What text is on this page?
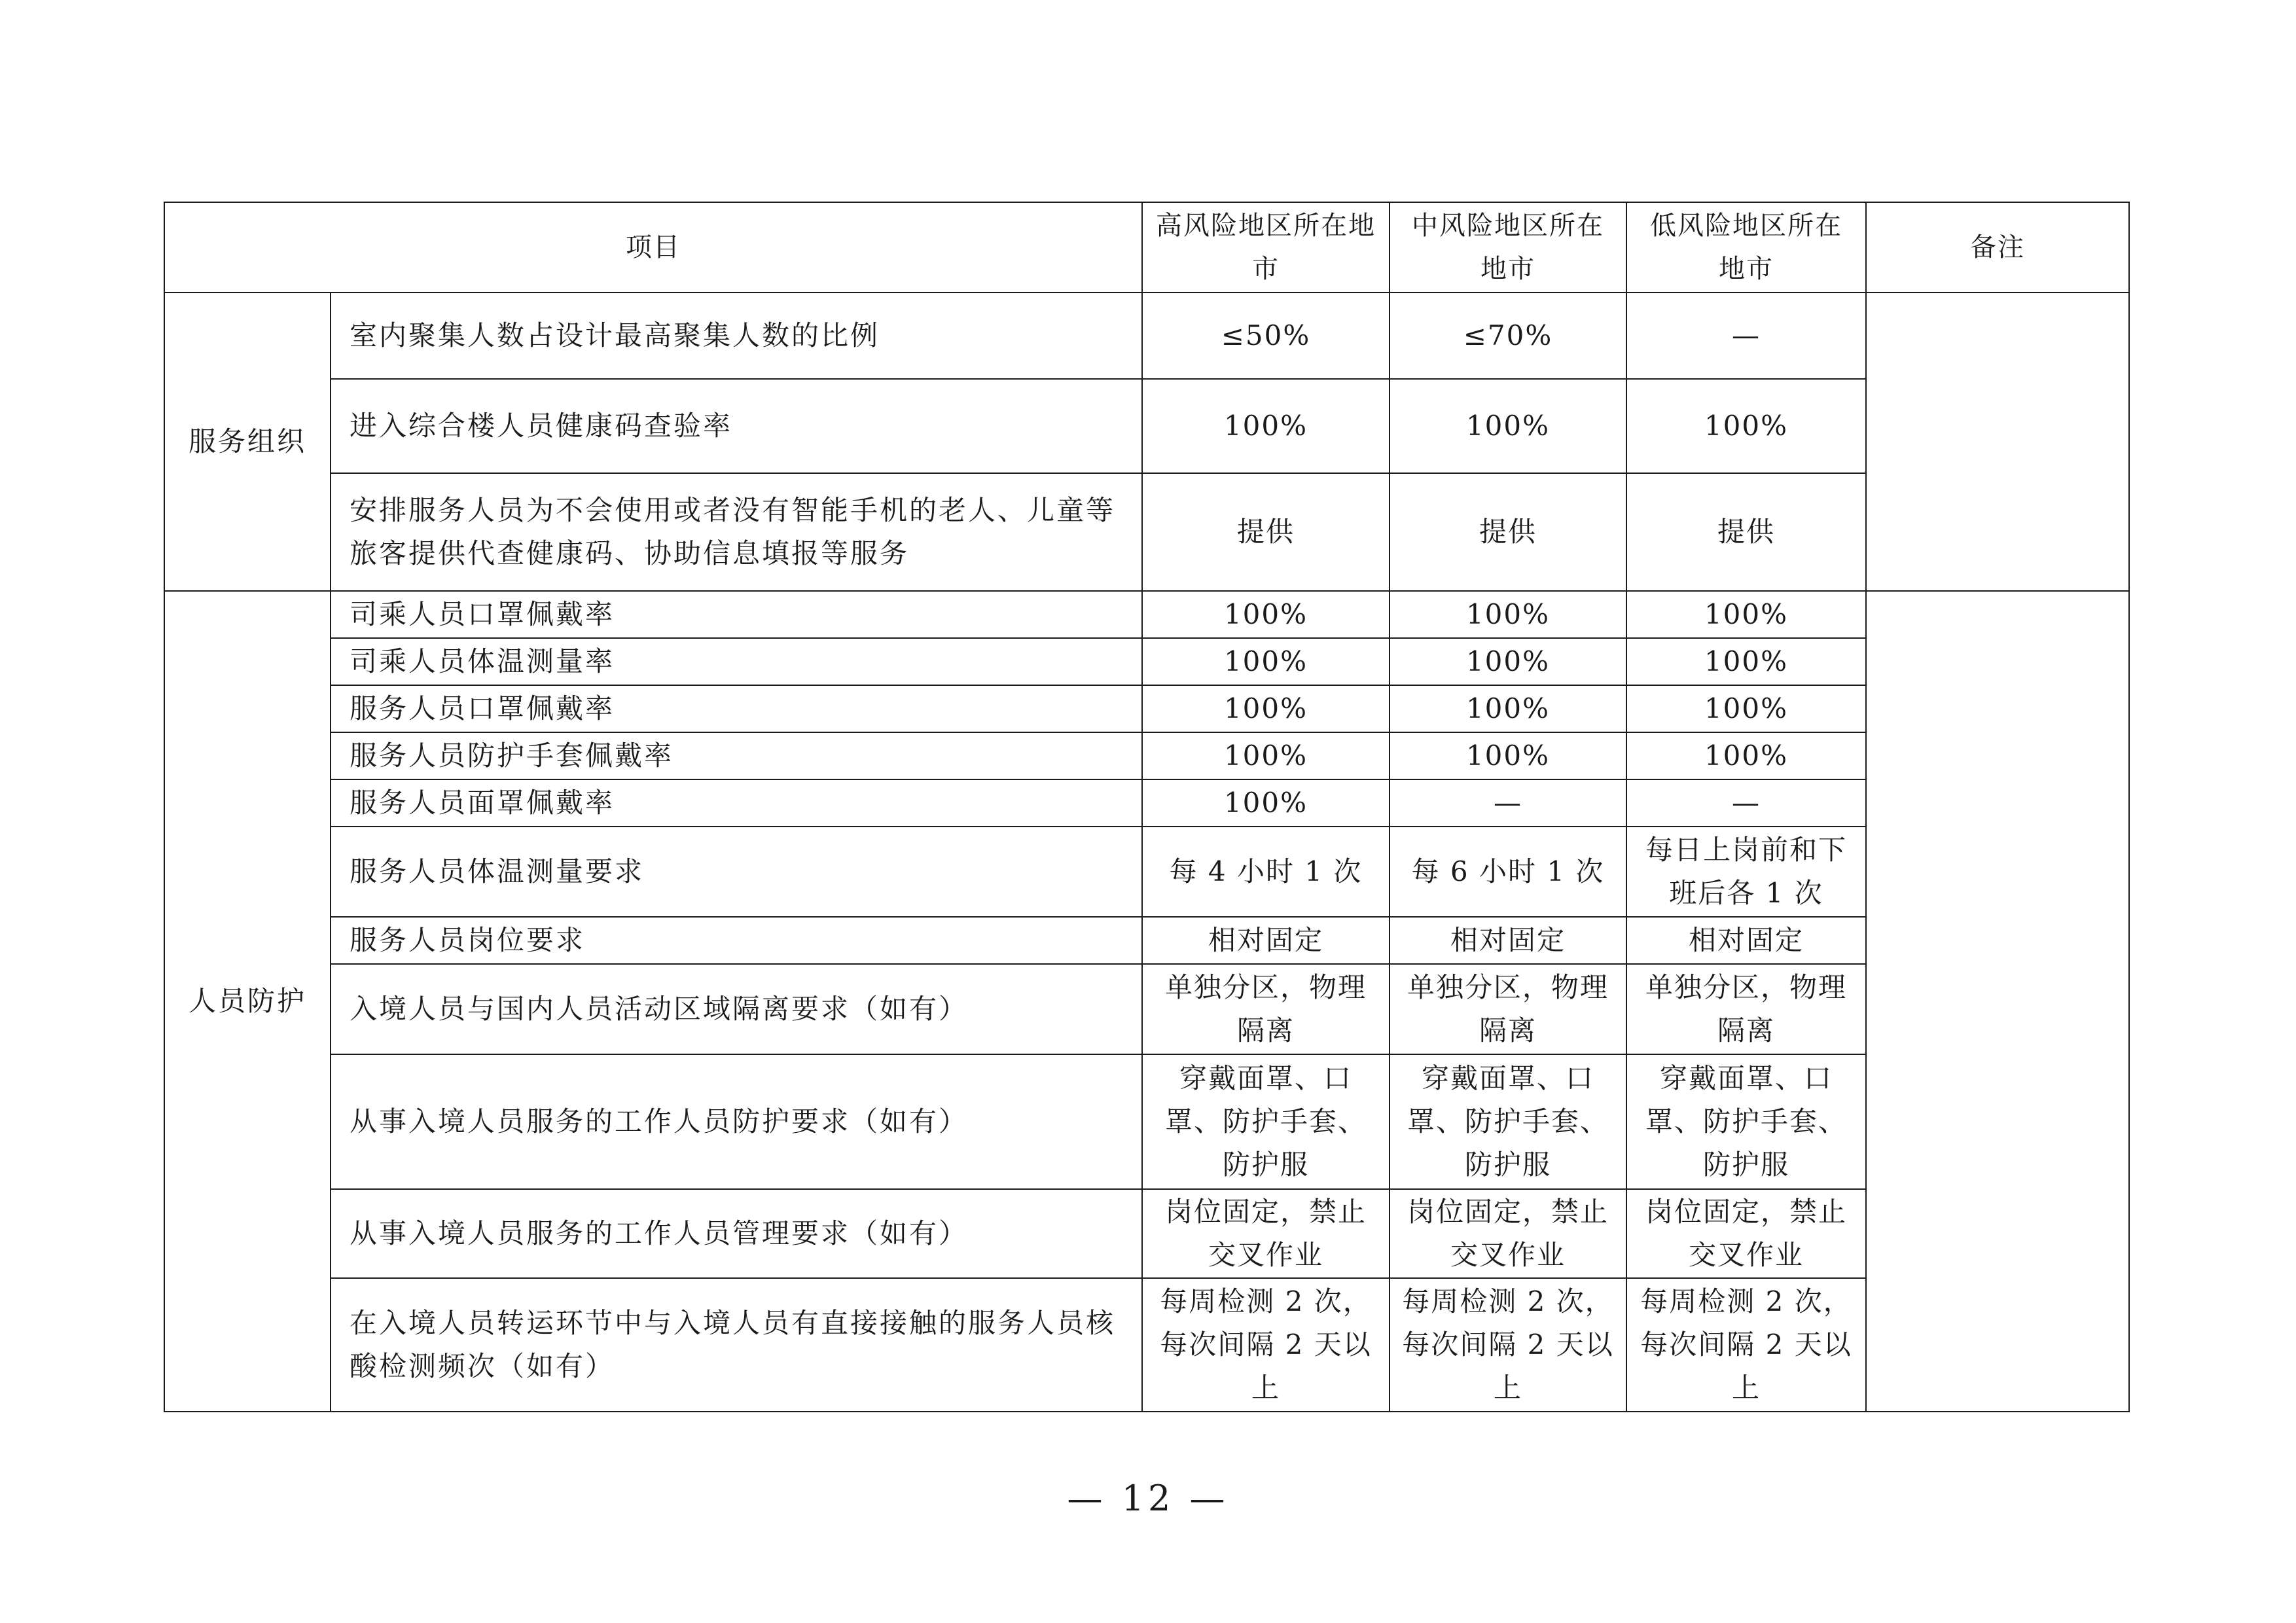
项目		高风险地区所在地市	中风险地区所在地市	低风险地区所在地市	备注
服务组织	室内聚集人数占设计最高聚集人数的比例	≤50%	≤70%	—	
	进入综合楼人员健康码查验率	100%	100%	100%	
	安排服务人员为不会使用或者没有智能手机的老人、儿童等旅客提供代查健康码、协助信息填报等服务	提供	提供	提供	
人员防护	司乘人员口罩佩戴率	100%	100%	100%	
	司乘人员体温测量率	100%	100%	100%	
	服务人员口罩佩戴率	100%	100%	100%	
	服务人员防护手套佩戴率	100%	100%	100%	
	服务人员面罩佩戴率	100%	—	—	
	服务人员体温测量要求	每 4 小时 1 次	每 6 小时 1 次	每日上岗前和下班后各 1 次	
	服务人员岗位要求	相对固定	相对固定	相对固定	
	入境人员与国内人员活动区域隔离要求（如有）	单独分区，物理隔离	单独分区，物理隔离	单独分区，物理隔离	
	从事入境人员服务的工作人员防护要求（如有）	穿戴面罩、口罩、防护手套、防护服	穿戴面罩、口罩、防护手套、防护服	穿戴面罩、口罩、防护手套、防护服	
	从事入境人员服务的工作人员管理要求（如有）	岗位固定，禁止交叉作业	岗位固定，禁止交叉作业	岗位固定，禁止交叉作业	
	在入境人员转运环节中与入境人员有直接接触的服务人员核酸检测频次（如有）	每周检测 2 次，每次间隔 2 天以上	每周检测 2 次，每次间隔 2 天以上	每周检测 2 次，每次间隔 2 天以上	
— 12 —
